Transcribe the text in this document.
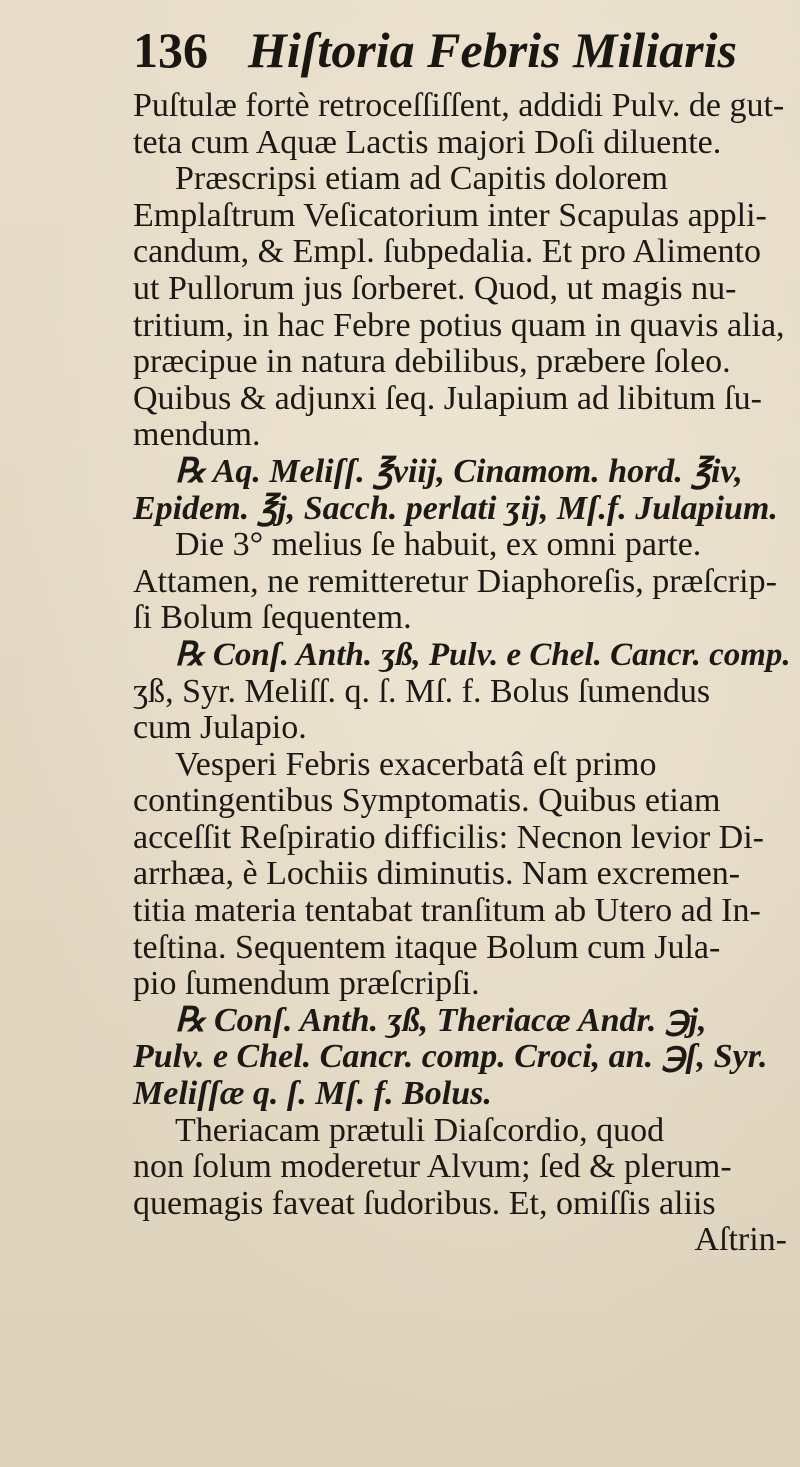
136 Hiſtoria Febris Miliaris
Puſtulæ fortè retroceſſiſſent, addidi Pulv. de gut-
teta cum Aquæ Lactis majori Doſi diluente.
Præscripsi etiam ad Capitis dolorem
Emplaſtrum Veſicatorium inter Scapulas appli-
candum, & Empl. ſubpedalia. Et pro Alimento
ut Pullorum jus ſorberet. Quod, ut magis nu-
tritium, in hac Febre potius quam in quavis alia,
præcipue in natura debilibus, præbere ſoleo.
Quibus & adjunxi ſeq. Julapium ad libitum ſu-
mendum.
℞ Aq. Meliſſ. ℥viij, Cinamom. hord. ℥iv,
Epidem. ℥j, Sacch. perlati ʒij, Mſ.f. Julapium.
Die 3° melius ſe habuit, ex omni parte.
Attamen, ne remitteretur Diaphoreſis, præſcrip-
ſi Bolum ſequentem.
℞ Conſ. Anth. ʒß, Pulv. e Chel. Cancr. comp.
ʒß, Syr. Meliſſ. q. ſ. Mſ. f. Bolus ſumendus
cum Julapio.
Vesperi Febris exacerbatâ eſt primo
contingentibus Symptomatis. Quibus etiam
acceſſit Reſpiratio difficilis: Necnon levior Di-
arrhæa, è Lochiis diminutis. Nam excremen-
titia materia tentabat tranſitum ab Utero ad In-
teſtina. Sequentem itaque Bolum cum Jula-
pio ſumendum præſcripſi.
℞ Conſ. Anth. ʒß, Theriacæ Andr. ℈j,
Pulv. e Chel. Cancr. comp. Croci, an. ℈ſ, Syr.
Meliſſæ q. ſ. Mſ. f. Bolus.
Theriacam prætuli Diaſcordio, quod
non ſolum moderetur Alvum; ſed & plerum-
quemagis faveat ſudoribus. Et, omiſſis aliis
Aſtrin-
